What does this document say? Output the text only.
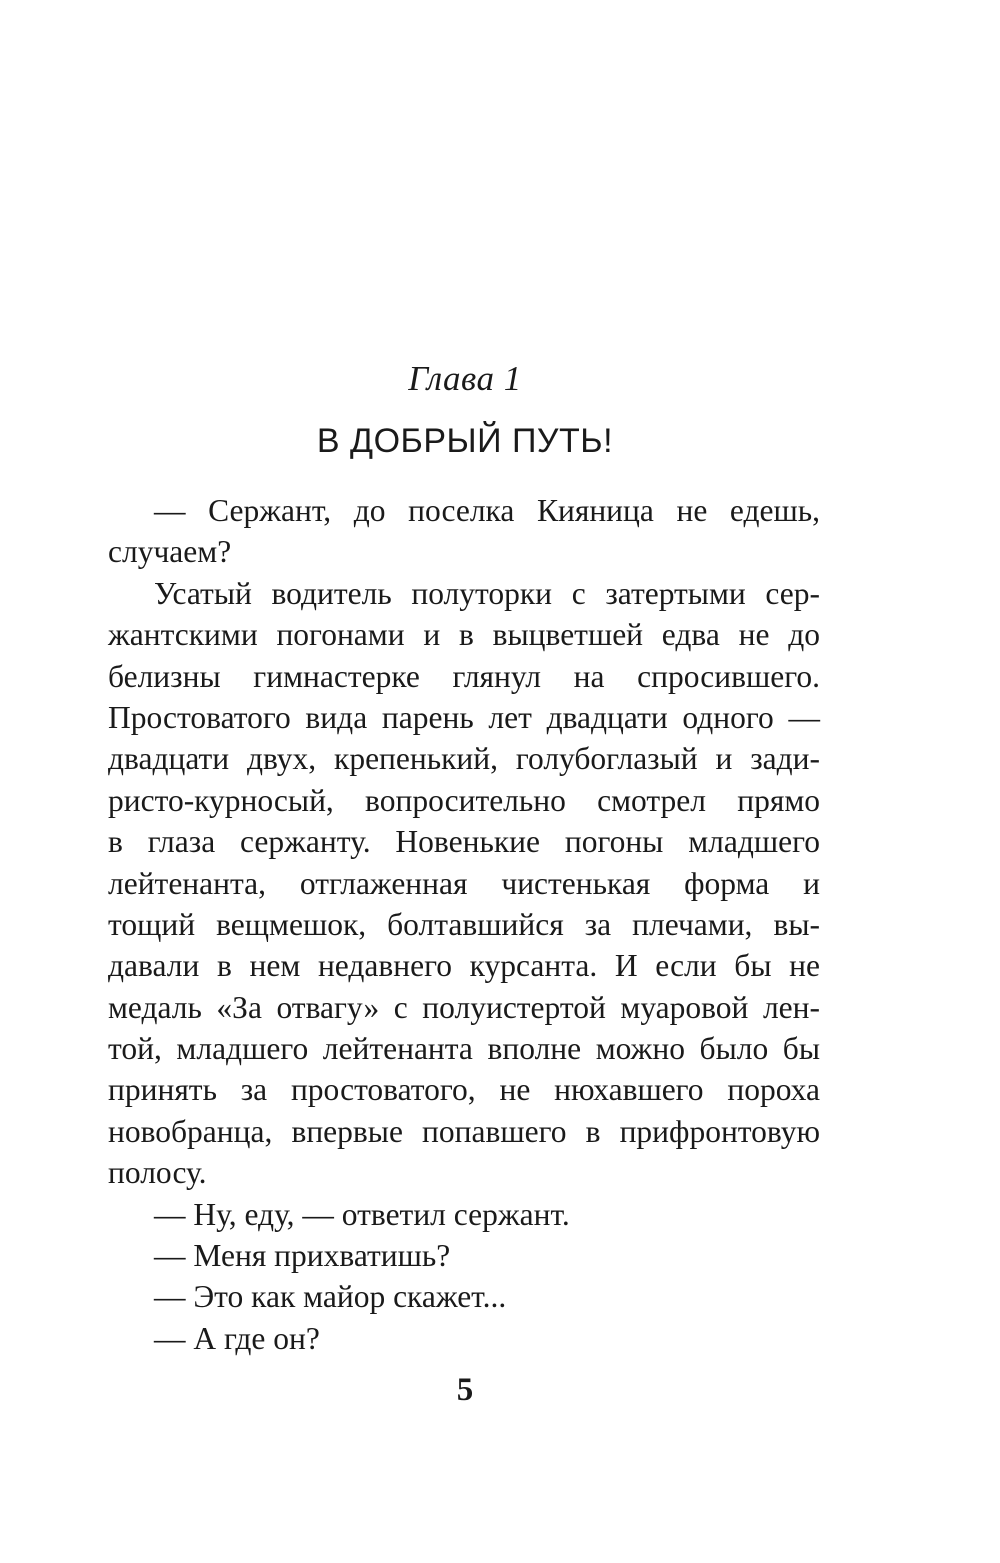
Глава 1
В ДОБРЫЙ ПУТЬ!
— Сержант, до поселка Кияница не едешь,
случаем?
Усатый водитель полуторки с затертыми сер-
жантскими погонами и в выцветшей едва не до
белизны гимнастерке глянул на спросившего.
Простоватого вида парень лет двадцати одного —
двадцати двух, крепенький, голубоглазый и зади-
ристо-курносый, вопросительно смотрел прямо
в глаза сержанту. Новенькие погоны младшего
лейтенанта, отглаженная чистенькая форма и
тощий вещмешок, болтавшийся за плечами, вы-
давали в нем недавнего курсанта. И если бы не
медаль «За отвагу» с полуистертой муаровой лен-
той, младшего лейтенанта вполне можно было бы
принять за простоватого, не нюхавшего пороха
новобранца, впервые попавшего в прифронтовую
полосу.
— Ну, еду, — ответил сержант.
— Меня прихватишь?
— Это как майор скажет...
— А где он?
5
